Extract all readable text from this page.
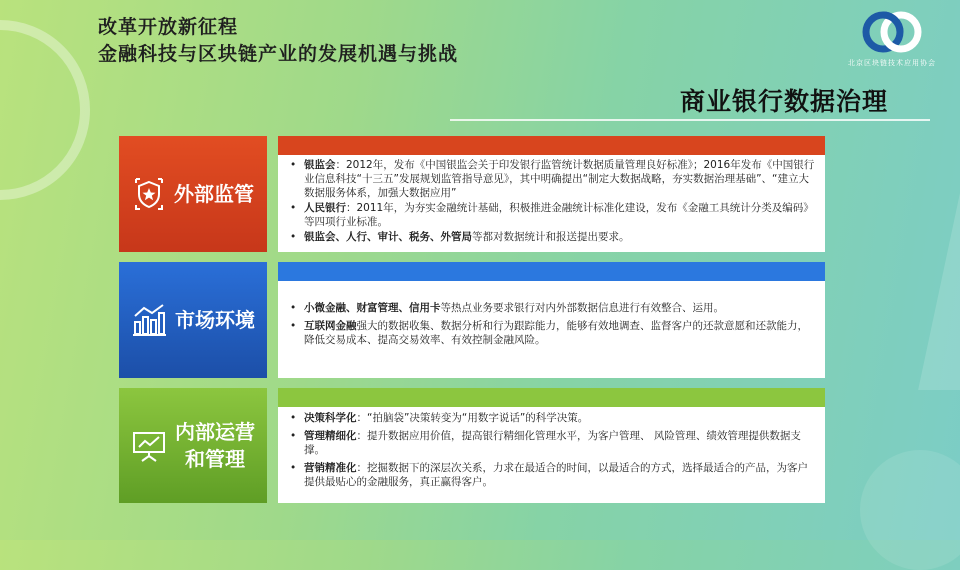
改革开放新征程
金融科技与区块链产业的发展机遇与挑战	北京区块链技术应用协会
商业银行数据治理
外部监管
• 银监会：2012年，发布《中国银监会关于印发银行监管统计数据质量管理良好标准》；2016年发布《中国银行业信息科技“十三五”发展规划监管指导意见》，其中明确提出“制定大数据战略，夯实数据治理基础”、“建立大数据服务体系，加强大数据应用”
• 人民银行：2011年，为夯实金融统计基础，积极推进金融统计标准化建设，发布《金融工具统计分类及编码》等四项行业标准。
• 银监会、人行、审计、税务、外管局等都对数据统计和报送提出要求。
市场环境
•	小微金融、财富管理、信用卡等热点业务要求银行对内外部数据信息进行有效整合、运用。
• 互联网金融强大的数据收集、数据分析和行为跟踪能力，能够有效地调查、监督客户的还款意愿和还款能力，降低交易成本、提高交易效率、有效控制金融风险。
内部运营
和管理
• 决策科学化：“拍脑袋”决策转变为“用数字说话”的科学决策。
• 管理精细化：提升数据应用价值，提高银行精细化管理水平，为客户管理、 风险管理、绩效管理提供数据支撑。
• 营销精准化：挖掘数据下的深层次关系，力求在最适合的时间，以最适合的方式，选择最适合的产品，为客户提供最贴心的金融服务，真正赢得客户。
